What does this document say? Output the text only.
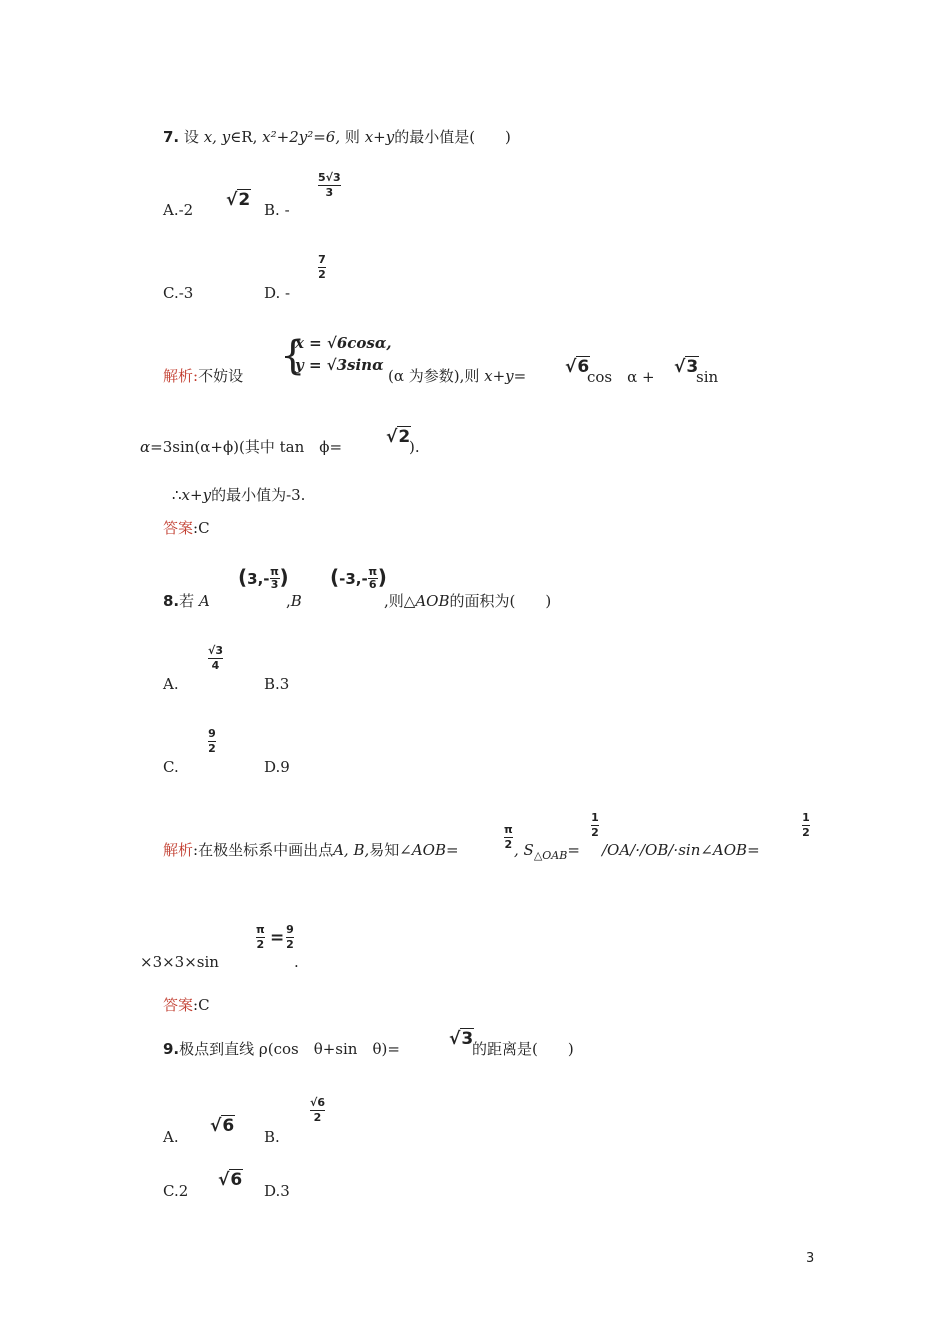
7. 设 x, y∈R, x²+2y²=6, 则 x+y的最小值是(　　)
A.-2 √2 B. -
5√3
3
C.-3	D. -
7
2
解析:不妨设 {
x = √6cosα,
y = √3sinα
(α 为参数),则 x+y= √6
cos　α + √3
sin
α=3sin(α+ϕ)(其中 tan　ϕ=	√2
).
∴x+y的最小值为-3.
答案:C
8.若 A
($3,- \frac{\pi}{3}$ )
,B
($-3,- \frac{\pi}{6}$ )
,则△AOB的面积为(　　)
A.
√3
4
B.3
C.
9
2
D.9
解析:在极坐标系中画出点A, B,易知∠AOB=
π
2 , $S_{\triangle OAB}=$
1
2
/OA/·/OB/·sin∠AOB=
1
2
×3×3×sin
π
2 = 9
2
.
答案:C
9.极点到直线 ρ(cos　θ+sin　θ)=	√3
的距离是(　　)
A.
√6
B.
√6
2
C.2
√6
D.3
3
